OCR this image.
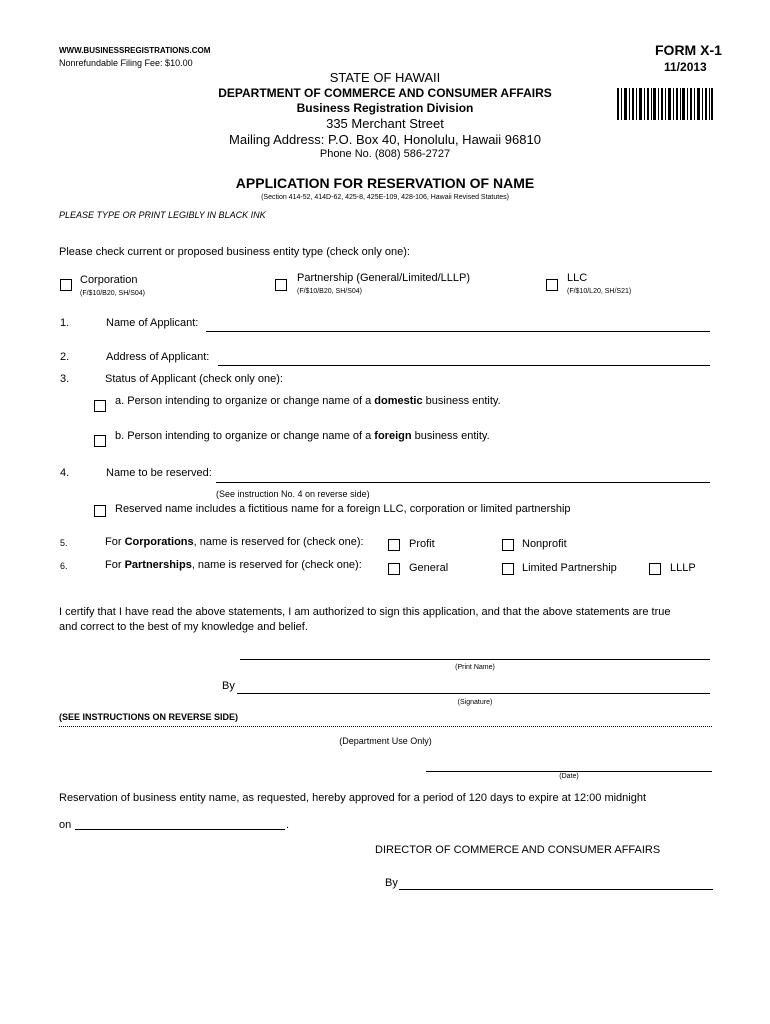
WWW.BUSINESSREGISTRATIONS.COM
Nonrefundable Filing Fee: $10.00
FORM X-1
11/2013
STATE OF HAWAII
DEPARTMENT OF COMMERCE AND CONSUMER AFFAIRS
Business Registration Division
335 Merchant Street
Mailing Address: P.O. Box 40, Honolulu, Hawaii 96810
Phone No. (808) 586-2727
APPLICATION FOR RESERVATION OF NAME
(Section 414-52, 414D-62, 425-8, 425E-109, 428-106, Hawaii Revised Statutes)
PLEASE TYPE OR PRINT LEGIBLY IN BLACK INK
Please check current or proposed business entity type (check only one):
Corporation
(F/$10/B20, SH/S04)
Partnership (General/Limited/LLLP)
(F/$10/B20, SH/S04)
LLC
(F/$10/L20, SH/S21)
1.	Name of Applicant:
2.	Address of Applicant:
3.	Status of Applicant (check only one):
a. Person intending to organize or change name of a domestic business entity.
b. Person intending to organize or change name of a foreign business entity.
4.	Name to be reserved:
(See instruction No. 4 on reverse side)
Reserved name includes a fictitious name for a foreign LLC, corporation or limited partnership
5.	For Corporations, name is reserved for (check one):	Profit	Nonprofit
6.	For Partnerships, name is reserved for (check one):	General	Limited Partnership	LLLP
I certify that I have read the above statements, I am authorized to sign this application, and that the above statements are true
and correct to the best of my knowledge and belief.
(Print Name)
By
(Signature)
(SEE INSTRUCTIONS ON REVERSE SIDE)
(Department Use Only)
(Date)
Reservation of business entity name, as requested, hereby approved for a period of 120 days to expire at 12:00 midnight
on	.
DIRECTOR OF COMMERCE AND CONSUMER AFFAIRS
By
